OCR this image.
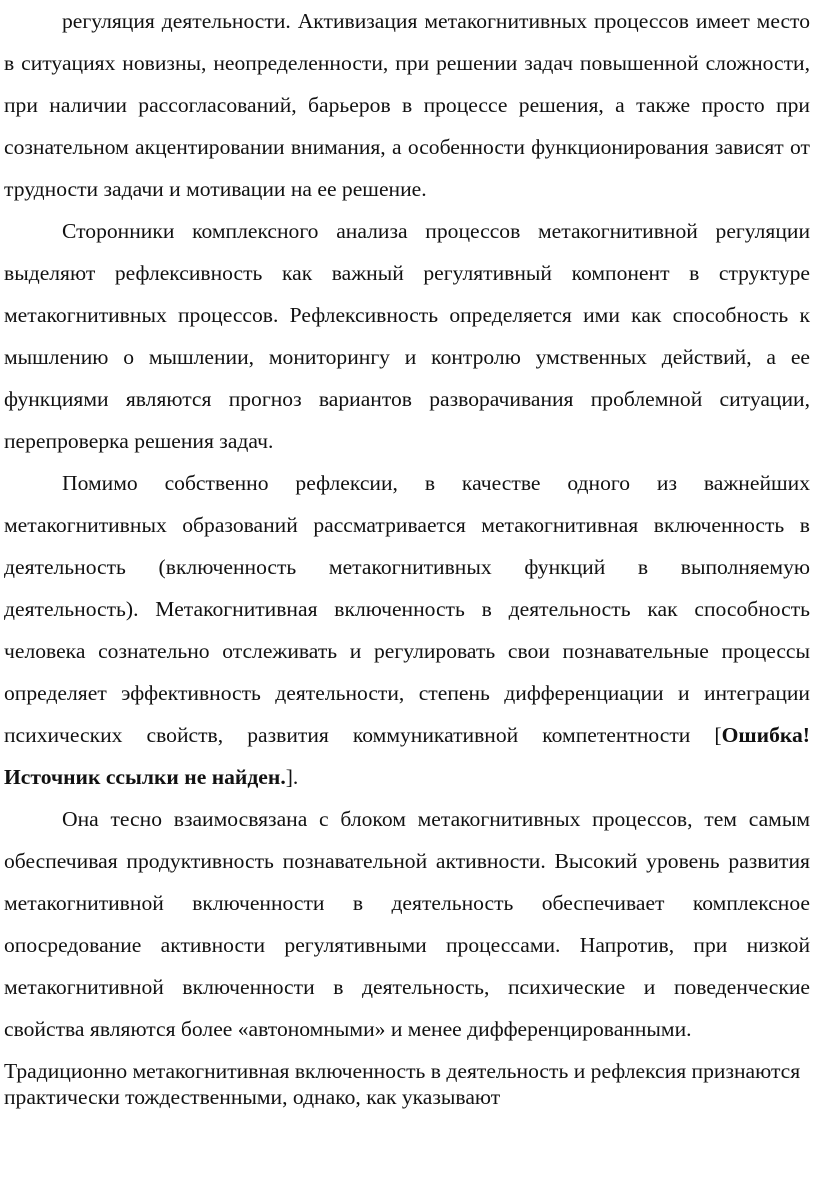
регуляция деятельности. Активизация метакогнитивных процессов имеет место в ситуациях новизны, неопределенности, при решении задач повышенной сложности, при наличии рассогласований, барьеров в процессе решения, а также просто при сознательном акцентировании внимания, а особенности функционирования зависят от трудности задачи и мотивации на ее решение.

Сторонники комплексного анализа процессов метакогнитивной регуляции выделяют рефлексивность как важный регулятивный компонент в структуре метакогнитивных процессов. Рефлексивность определяется ими как способность к мышлению о мышлении, мониторингу и контролю умственных действий, а ее функциями являются прогноз вариантов разворачивания проблемной ситуации, перепроверка решения задач.

Помимо собственно рефлексии, в качестве одного из важнейших метакогнитивных образований рассматривается метакогнитивная включенность в деятельность (включенность метакогнитивных функций в выполняемую деятельность). Метакогнитивная включенность в деятельность как способность человека сознательно отслеживать и регулировать свои познавательные процессы определяет эффективность деятельности, степень дифференциации и интеграции психических свойств, развития коммуникативной компетентности [Ошибка! Источник ссылки не найден.].

Она тесно взаимосвязана с блоком метакогнитивных процессов, тем самым обеспечивая продуктивность познавательной активности. Высокий уровень развития метакогнитивной включенности в деятельность обеспечивает комплексное опосредование активности регулятивными процессами. Напротив, при низкой метакогнитивной включенности в деятельность, психические и поведенческие свойства являются более «автономными» и менее дифференцированными.

Традиционно метакогнитивная включенность в деятельность и рефлексия признаются практически тождественными, однако, как указывают
